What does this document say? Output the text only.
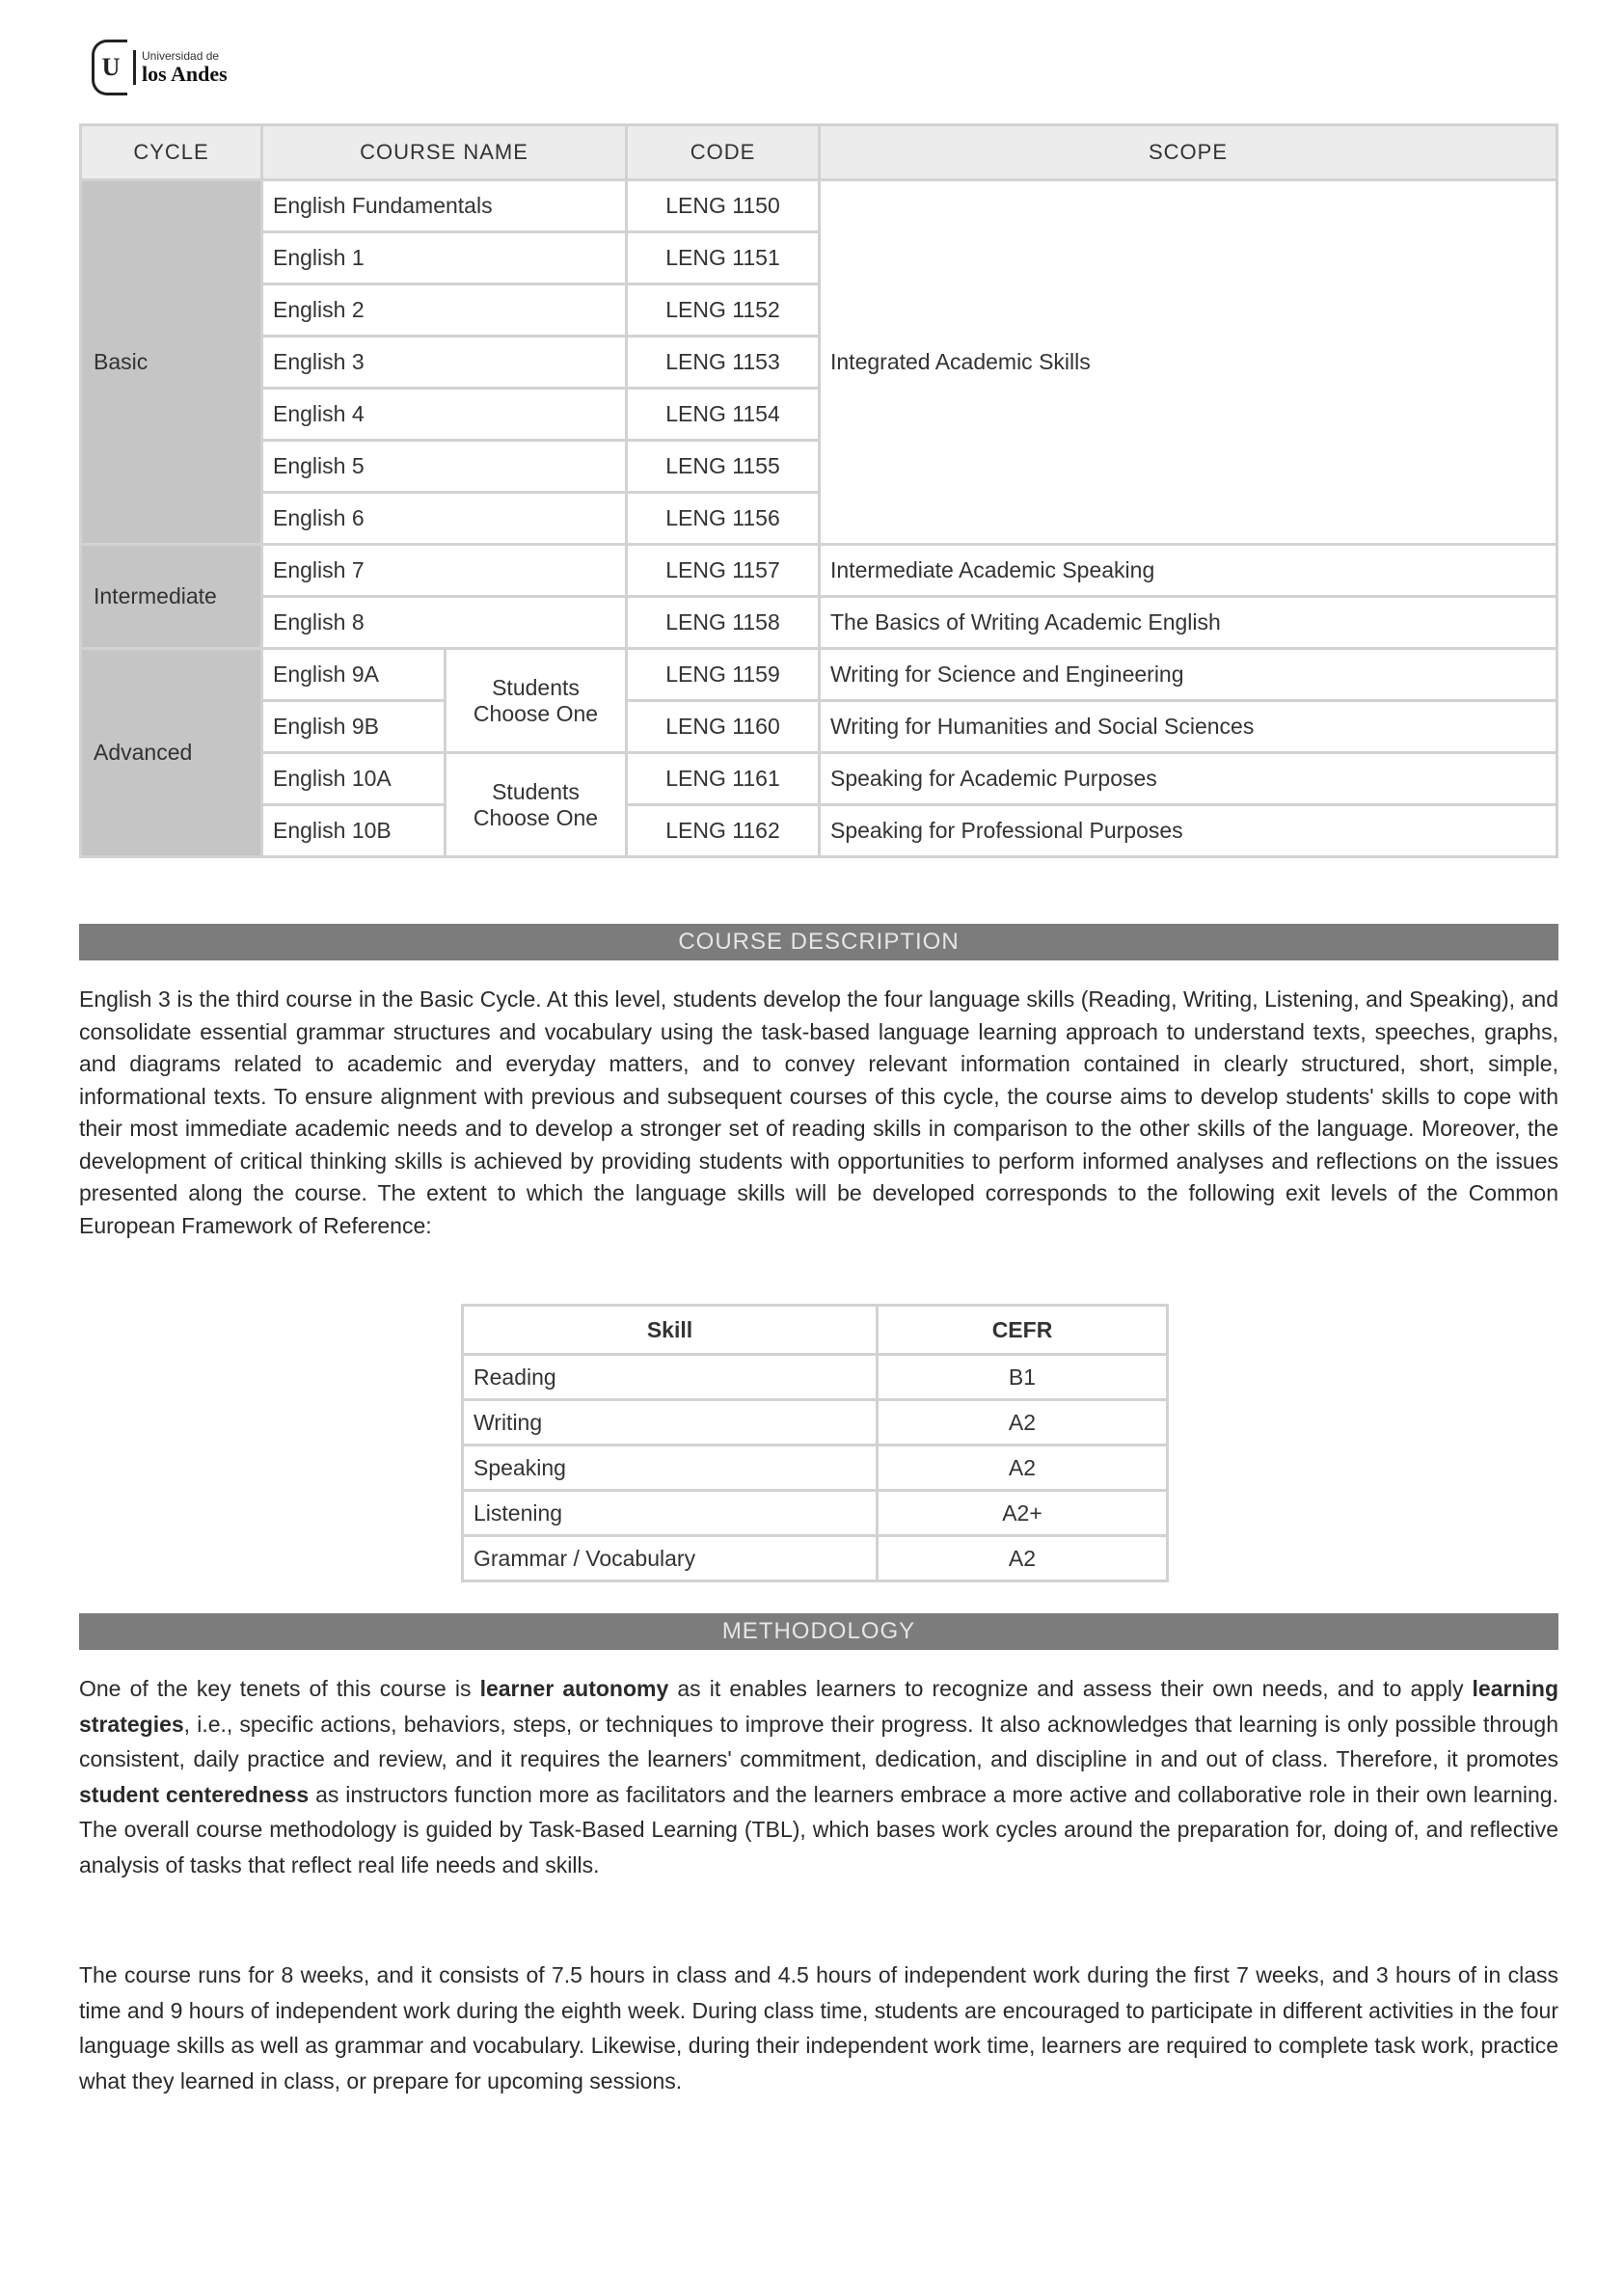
U	Universidad de
los Andes
CYCLE	COURSE NAME		CODE	SCOPE
Basic	English Fundamentals		LENG 1150	Integrated Academic Skills
	English 1		LENG 1151	
	English 2		LENG 1152	
	English 3		LENG 1153	
	English 4		LENG 1154	
	English 5		LENG 1155	
	English 6		LENG 1156	
Intermediate	English 7		LENG 1157	Intermediate Academic Speaking
	English 8		LENG 1158	The Basics of Writing Academic English
Advanced	English 9A	Students Choose One	LENG 1159	Writing for Science and Engineering
	English 9B		LENG 1160	Writing for Humanities and Social Sciences
	English 10A	Students Choose One	LENG 1161	Speaking for Academic Purposes
	English 10B		LENG 1162	Speaking for Professional Purposes
COURSE DESCRIPTION

English 3 is the third course in the Basic Cycle. At this level, students develop the four language skills (Reading, Writing, Listening, and Speaking), and consolidate essential grammar structures and vocabulary using the task-based language learning approach to understand texts, speeches, graphs, and diagrams related to academic and everyday matters, and to convey relevant information contained in clearly structured, short, simple, informational texts. To ensure alignment with previous and subsequent courses of this cycle, the course aims to develop students' skills to cope with their most immediate academic needs and to develop a stronger set of reading skills in comparison to the other skills of the language. Moreover, the development of critical thinking skills is achieved by providing students with opportunities to perform informed analyses and reflections on the issues presented along the course. The extent to which the language skills will be developed corresponds to the following exit levels of the Common European Framework of Reference:

Skill	CEFR
Reading	B1
Writing	A2
Speaking	A2
Listening	A2+
Grammar / Vocabulary	A2
METHODOLOGY

One of the key tenets of this course is learner autonomy as it enables learners to recognize and assess their own needs, and to apply learning strategies, i.e., specific actions, behaviors, steps, or techniques to improve their progress. It also acknowledges that learning is only possible through consistent, daily practice and review, and it requires the learners' commitment, dedication, and discipline in and out of class. Therefore, it promotes student centeredness as instructors function more as facilitators and the learners embrace a more active and collaborative role in their own learning. The overall course methodology is guided by Task-Based Learning (TBL), which bases work cycles around the preparation for, doing of, and reflective analysis of tasks that reflect real life needs and skills.

The course runs for 8 weeks, and it consists of 7.5 hours in class and 4.5 hours of independent work during the first 7 weeks, and 3 hours of in class time and 9 hours of independent work during the eighth week. During class time, students are encouraged to participate in different activities in the four language skills as well as grammar and vocabulary. Likewise, during their independent work time, learners are required to complete task work, practice what they learned in class, or prepare for upcoming sessions.
